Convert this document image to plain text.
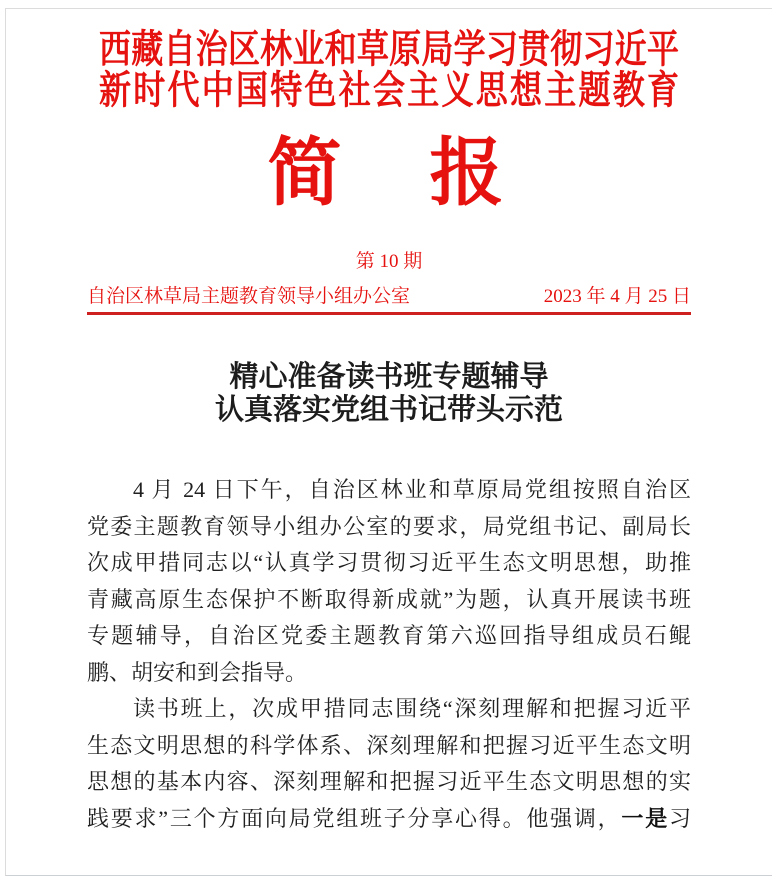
西藏自治区林业和草原局学习贯彻习近平
新时代中国特色社会主义思想主题教育
简　报
第 10 期
自治区林草局主题教育领导小组办公室	2023 年 4 月 25 日
精心准备读书班专题辅导
认真落实党组书记带头示范
4 月 24 日下午，自治区林业和草原局党组按照自治区
党委主题教育领导小组办公室的要求，局党组书记、副局长
次成甲措同志以“认真学习贯彻习近平生态文明思想，助推
青藏高原生态保护不断取得新成就”为题，认真开展读书班
专题辅导，自治区党委主题教育第六巡回指导组成员石鲲
鹏、胡安和到会指导。
读书班上，次成甲措同志围绕“深刻理解和把握习近平
生态文明思想的科学体系、深刻理解和把握习近平生态文明
思想的基本内容、深刻理解和把握习近平生态文明思想的实
践要求”三个方面向局党组班子分享心得。他强调，一是习
